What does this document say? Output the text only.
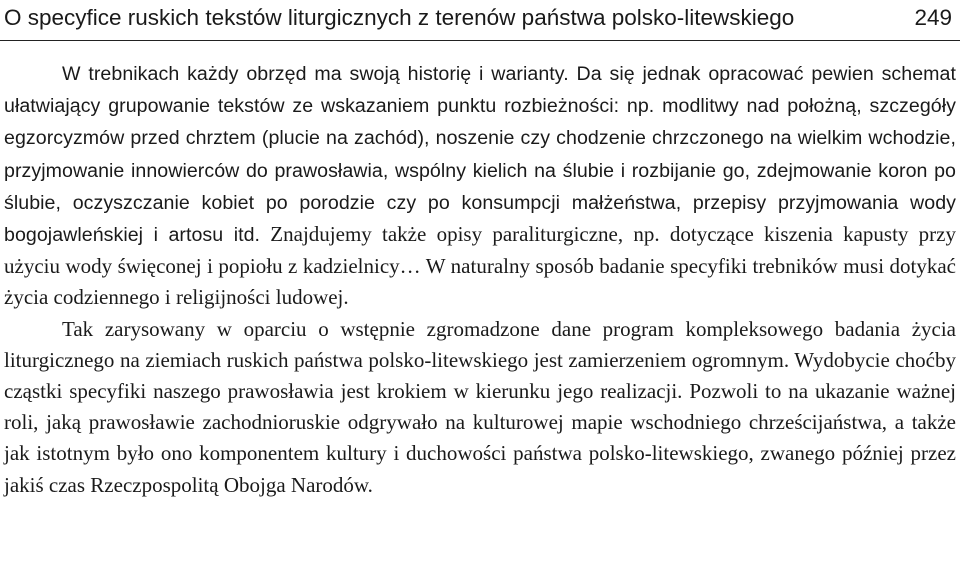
O specyfice ruskich tekstów liturgicznych z terenów państwa polsko-litewskiego	249

W trebnikach każdy obrzęd ma swoją historię i warianty. Da się jednak opracować pewien schemat ułatwiający grupowanie tekstów ze wskazaniem punktu rozbieżności: np. modlitwy nad położną, szczegóły egzorcyzmów przed chrztem (plucie na zachód), noszenie czy chodzenie chrzczonego na wielkim wchodzie, przyjmowanie innowierców do prawosławia, wspólny kielich na ślubie i rozbijanie go, zdejmowanie koron po ślubie, oczyszczanie kobiet po porodzie czy po konsumpcji małżeństwa, przepisy przyjmowania wody bogojawleńskiej i artosu itd. Znajdujemy także opisy paraliturgiczne, np. dotyczące kiszenia kapusty przy użyciu wody święconej i popiołu z kadzielnicy… W naturalny sposób badanie specyfiki trebników musi dotykać życia codziennego i religijności ludowej.

Tak zarysowany w oparciu o wstępnie zgromadzone dane program kompleksowego badania życia liturgicznego na ziemiach ruskich państwa polsko-litewskiego jest zamierzeniem ogromnym. Wydobycie choćby cząstki specyfiki naszego prawosławia jest krokiem w kierunku jego realizacji. Pozwoli to na ukazanie ważnej roli, jaką prawosławie zachodnioruskie odgrywało na kulturowej mapie wschodniego chrześcijaństwa, a także jak istotnym było ono komponentem kultury i duchowości państwa polsko-litewskiego, zwanego później przez jakiś czas Rzeczpospolitą Obojga Narodów.
